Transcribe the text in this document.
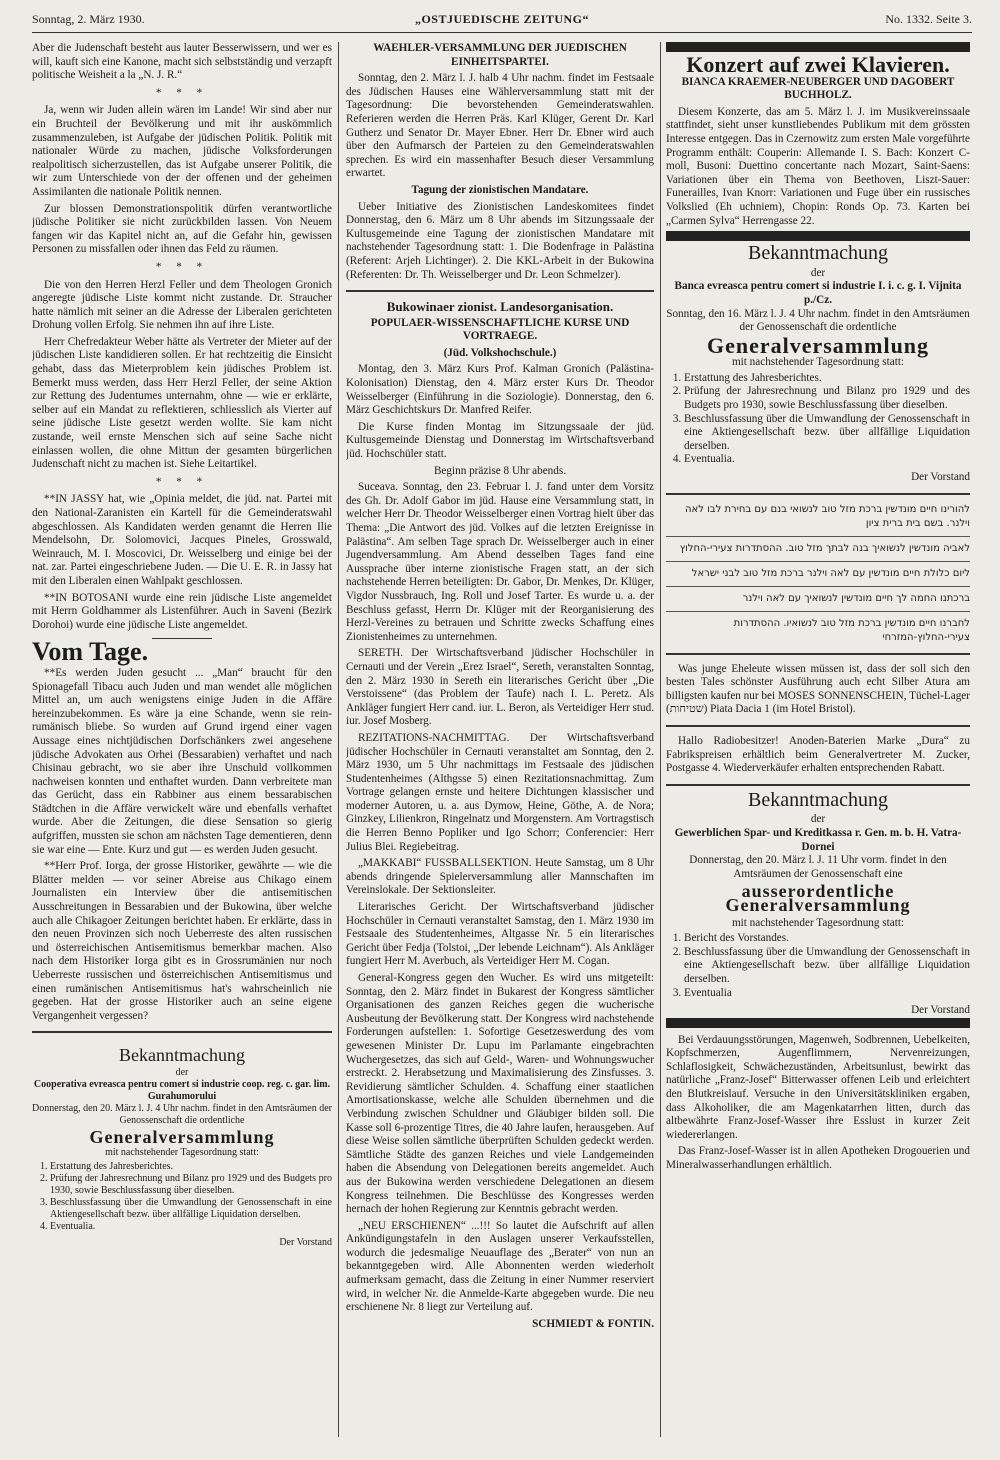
Sonntag, 2. März 1930.	„OSTJUEDISCHE ZEITUNG“	No. 1332. Seite 3.

Aber die Judenschaft besteht aus lauter Besserwissern, und wer es will, kauft sich eine Kanone, macht sich selbstständig und verzapft politische Weisheit a la „N. J. R.“

* * *

Ja, wenn wir Juden allein wären im Lande! Wir sind aber nur ein Bruchteil der Bevölkerung und mit ihr auskömmlich zusammenzuleben, ist Aufgabe der jüdischen Politik. Politik mit nationaler Würde zu machen, jüdische Volksforderungen realpolitisch sicherzustellen, das ist Aufgabe unserer Politik, die wir zum Unterschiede von der der offenen und der geheimen Assimilanten die nationale Politik nennen.

Zur blossen Demonstrationspolitik dürfen verantwortliche jüdische Politiker sie nicht zurückbilden lassen. Von Neuem fangen wir das Kapitel nicht an, auf die Gefahr hin, gewissen Personen zu missfallen oder ihnen das Feld zu räumen.

* * *

Die von den Herren Herzl Feller und dem Theologen Gronich angeregte jüdische Liste kommt nicht zustande. Dr. Straucher hatte nämlich mit seiner an die Adresse der Liberalen gerichteten Drohung vollen Erfolg. Sie nehmen ihn auf ihre Liste.

Herr Chefredakteur Weber hätte als Vertreter der Mieter auf der jüdischen Liste kandidieren sollen. Er hat rechtzeitig die Einsicht gehabt, dass das Mieterproblem kein jüdisches Problem ist. Bemerkt muss werden, dass Herr Herzl Feller, der seine Aktion zur Rettung des Judentumes unternahm, ohne — wie er erklärte, selber auf ein Mandat zu reflektieren, schliesslich als Vierter auf seine jüdische Liste gesetzt werden wollte. Sie kam nicht zustande, weil ernste Menschen sich auf seine Sache nicht einlassen wollen, die ohne Mittun der gesamten bürgerlichen Judenschaft nicht zu machen ist. Siehe Leitartikel.

* * *

**IN JASSY hat, wie „Opinia meldet, die jüd. nat. Partei mit den National-Zaranisten ein Kartell für die Gemeinderatswahl abgeschlossen. Als Kandidaten werden genannt die Herren Ilie Mendelsohn, Dr. Solomovici, Jacques Pineles, Grosswald, Weinrauch, M. I. Moscovici, Dr. Weisselberg und einige bei der nat. zar. Partei eingeschriebene Juden. — Die U. E. R. in Jassy hat mit den Liberalen einen Wahlpakt geschlossen.

**IN BOTOSANI wurde eine rein jüdische Liste angemeldet mit Herrn Goldhammer als Listenführer. Auch in Saveni (Bezirk Dorohoi) wurde eine jüdische Liste angemeldet.

Vom Tage.

**Es werden Juden gesucht ... „Man“ braucht für den Spionagefall Tibacu auch Juden und man wendet alle möglichen Mittel an, um auch wenigstens einige Juden in die Affäre hereinzubekommen. Es wäre ja eine Schande, wenn sie rein-rumänisch bliebe. So wurden auf Grund irgend einer vagen Aussage eines nichtjüdischen Dorfschänkers zwei angesehene jüdische Advokaten aus Orhei (Bessarabien) verhaftet und nach Chisinau gebracht, wo sie aber ihre Unschuld vollkommen nachweisen konnten und enthaftet wurden. Dann verbreitete man das Gerücht, dass ein Rabbiner aus einem bessarabischen Städtchen in die Affäre verwickelt wäre und ebenfalls verhaftet wurde. Aber die Zeitungen, die diese Sensation so gierig aufgriffen, mussten sie schon am nächsten Tage dementieren, denn sie war eine — Ente. Kurz und gut — es werden Juden gesucht.

**Herr Prof. Iorga, der grosse Historiker, gewährte — wie die Blätter melden — vor seiner Abreise aus Chikago einem Journalisten ein Interview über die antisemitischen Ausschreitungen in Bessarabien und der Bukowina, über welche auch alle Chikagoer Zeitungen berichtet haben. Er erklärte, dass in den neuen Provinzen sich noch Ueberreste des alten russischen und österreichischen Antisemitismus bemerkbar machen. Also nach dem Historiker Iorga gibt es in Grossrumänien nur noch Ueberreste russischen und österreichischen Antisemitismus und einen rumänischen Antisemitismus hat's wahrscheinlich nie gegeben. Hat der grosse Historiker auch an seine eigene Vergangenheit vergessen?

Bekanntmachung
der
Cooperativa evreasca pentru comert si industrie coop. reg. c. gar. lim. Gurahumorului
Donnerstag, den 20. März l. J. 4 Uhr nachm. findet in den Amtsräumen der Genossenschaft die ordentliche
Generalversammlung
mit nachstehender Tagesordnung statt:
1. Erstattung des Jahresberichtes.
2. Prüfung der Jahresrechnung und Bilanz pro 1929 und des Budgets pro 1930, sowie Beschlussfassung über dieselben.
3. Beschlussfassung über die Umwandlung der Genossenschaft in eine Aktiengesellschaft bezw. über allfällige Liquidation derselben.
4. Eventualia.
Der Vorstand

WAEHLER-VERSAMMLUNG DER JUEDISCHEN EINHEITSPARTEI.

Sonntag, den 2. März l. J. halb 4 Uhr nachm. findet im Festsaale des Jüdischen Hauses eine Wählerversammlung statt mit der Tagesordnung: Die bevorstehenden Gemeinderatswahlen. Referieren werden die Herren Präs. Karl Klüger, Gerent Dr. Karl Gutherz und Senator Dr. Mayer Ebner. Herr Dr. Ebner wird auch über den Aufmarsch der Parteien zu den Gemeinderatswahlen sprechen. Es wird ein massenhafter Besuch dieser Versammlung erwartet.

Tagung der zionistischen Mandatare.

Ueber Initiative des Zionistischen Landeskomitees findet Donnerstag, den 6. März um 8 Uhr abends im Sitzungssaale der Kultusgemeinde eine Tagung der zionistischen Mandatare mit nachstehender Tagesordnung statt: 1. Die Bodenfrage in Palästina (Referent: Arjeh Lichtinger). 2. Die KKL-Arbeit in der Bukowina (Referenten: Dr. Th. Weisselberger und Dr. Leon Schmelzer).

Bukowinaer zionist. Landesorganisation.

POPULAER-WISSENSCHAFTLICHE KURSE UND VORTRAEGE.

(Jüd. Volkshochschule.)

Montag, den 3. März Kurs Prof. Kalman Gronich (Palästina-Kolonisation) Dienstag, den 4. März erster Kurs Dr. Theodor Weisselberger (Einführung in die Soziologie). Donnerstag, den 6. März Geschichtskurs Dr. Manfred Reifer.

Die Kurse finden Montag im Sitzungssaale der jüd. Kultusgemeinde Dienstag und Donnerstag im Wirtschaftsverband jüd. Hochschüler statt.

Beginn präzise 8 Uhr abends.

Suceava. Sonntag, den 23. Februar l. J. fand unter dem Vorsitz des Gh. Dr. Adolf Gabor im jüd. Hause eine Versammlung statt, in welcher Herr Dr. Theodor Weisselberger einen Vortrag hielt über das Thema: „Die Antwort des jüd. Volkes auf die letzten Ereignisse in Palästina“. Am selben Tage sprach Dr. Weisselberger auch in einer Jugendversammlung. Am Abend desselben Tages fand eine Aussprache über interne zionistische Fragen statt, an der sich nachstehende Herren beteiligten: Dr. Gabor, Dr. Menkes, Dr. Klüger, Vigdor Nussbrauch, Ing. Roll und Josef Tarter. Es wurde u. a. der Beschluss gefasst, Herrn Dr. Klüger mit der Reorganisierung des Herzl-Vereines zu betrauen und Schritte zwecks Schaffung eines Zionistenheimes zu unternehmen.

SERETH. Der Wirtschaftsverband jüdischer Hochschüler in Cernauti und der Verein „Erez Israel“, Sereth, veranstalten Sonntag, den 2. März 1930 in Sereth ein literarisches Gericht über „Die Verstoissene“ (das Problem der Taufe) nach I. L. Peretz. Als Ankläger fungiert Herr cand. iur. L. Beron, als Verteidiger Herr stud. iur. Josef Mosberg.

REZITATIONS-NACHMITTAG. Der Wirtschaftsverband jüdischer Hochschüler in Cernauti veranstaltet am Sonntag, den 2. März 1930, um 5 Uhr nachmittags im Festsaale des jüdischen Studentenheimes (Althgsse 5) einen Rezitationsnachmittag. Zum Vortrage gelangen ernste und heitere Dichtungen klassischer und moderner Autoren, u. a. aus Dymow, Heine, Göthe, A. de Nora; Ginzkey, Lilienkron, Ringelnatz und Morgenstern. Am Vortragstisch die Herren Benno Popliker und Igo Schorr; Conferencier: Herr Julius Blei. Regiebeitrag.

„MAKKABI“ FUSSBALLSEKTION. Heute Samstag, um 8 Uhr abends dringende Spielerversammlung aller Mannschaften im Vereinslokale. Der Sektionsleiter.

Literarisches Gericht. Der Wirtschaftsverband jüdischer Hochschüler in Cernauti veranstaltet Samstag, den 1. März 1930 im Festsaale des Studentenheimes, Altgasse Nr. 5 ein literarisches Gericht über Fedja (Tolstoi, „Der lebende Leichnam“). Als Ankläger fungiert Herr M. Averbuch, als Verteidiger Herr M. Cogan.

General-Kongress gegen den Wucher. Es wird uns mitgeteilt: Sonntag, den 2. März findet in Bukarest der Kongress sämtlicher Organisationen des ganzen Reiches gegen die wucherische Ausbeutung der Bevölkerung statt. Der Kongress wird nachstehende Forderungen aufstellen: 1. Sofortige Gesetzeswerdung des vom gewesenen Minister Dr. Lupu im Parlamante eingebrachten Wuchergesetzes, das sich auf Geld-, Waren- und Wohnungswucher erstreckt. 2. Herabsetzung und Maximalisierung des Zinsfusses. 3. Revidierung sämtlicher Schulden. 4. Schaffung einer staatlichen Amortisationskasse, welche alle Schulden übernehmen und die Verbindung zwischen Schuldner und Gläubiger bilden soll. Die Kasse soll 6-prozentige Titres, die 40 Jahre laufen, herausgeben. Auf diese Weise sollen sämtliche überprüften Schulden gedeckt werden. Sämtliche Städte des ganzen Reiches und viele Landgemeinden haben die Absendung von Delegationen bereits angemeldet. Auch aus der Bukowina werden verschiedene Delegationen an diesem Kongress teilnehmen. Die Beschlüsse des Kongresses werden hernach der hohen Regierung zur Kenntnis gebracht werden.

„NEU ERSCHIENEN“ ...!!! So lautet die Aufschrift auf allen Ankündigungstafeln in den Auslagen unserer Verkaufsstellen, wodurch die jedesmalige Neuauflage des „Berater“ von nun an bekanntgegeben wird. Alle Abonnenten werden wiederholt aufmerksam gemacht, dass die Zeitung in einer Nummer reserviert wird, in welcher Nr. die Anmelde-Karte abgegeben wurde. Die neu erschienene Nr. 8 liegt zur Verteilung auf.

SCHMIEDT & FONTIN.

Konzert auf zwei Klavieren.

BIANCA KRAEMER-NEUBERGER UND DAGOBERT BUCHHOLZ.

Diesem Konzerte, das am 5. März l. J. im Musikvereinssaale stattfindet, sieht unser kunstliebendes Publikum mit dem grössten Interesse entgegen. Das in Czernowitz zum ersten Male vorgeführte Programm enthält: Couperin: Allemande I. S. Bach: Konzert C-moll, Busoni: Duettino concertante nach Mozart, Saint-Saens: Variationen über ein Thema von Beethoven, Liszt-Sauer: Funerailles, Ivan Knorr: Variationen und Fuge über ein russisches Volkslied (Eh uchniem), Chopin: Ronds Op. 73. Karten bei „Carmen Sylva“ Herrengasse 22.

Bekanntmachung
der
Banca evreasca pentru comert si industrie I. i. c. g. I. Vijnita p./Cz.
Sonntag, den 16. März l. J. 4 Uhr nachm. findet in den Amtsräumen der Genossenschaft die ordentliche
Generalversammlung
mit nachstehender Tagesordnung statt:
1. Erstattung des Jahresberichtes.
2. Prüfung der Jahresrechnung und Bilanz pro 1929 und des Budgets pro 1930, sowie Beschlussfassung über dieselben.
3. Beschlussfassung über die Umwandlung der Genossenschaft in eine Aktiengesellschaft bezw. über allfällige Liquidation derselben.
4. Eventualia.
Der Vorstand

להורינו חיים מונדשין ברכת מזל טוב לנשואי בנם עם בחירת לבו לאה וילנר. בשם בית ברית ציון

לאביה מונדשין לנשואיך בנה לבתך מזל טוב. ההסתדרות צעירי-החלוץ

ליום כלולת חיים מונדשין עם לאה וילנר ברכת מזל טוב לבני ישראל

ברכתנו החמה לך חיים מונדשין לנשואיך עם לאה וילנר

לחברנו חיים מונדשין ברכת מזל טוב לנשואיו. ההסתדרות צעירי-החלוץ-המזרחי

Was junge Eheleute wissen müssen ist, dass der soll sich den besten Tales schönster Ausführung auch echt Silber Atura am billigsten kaufen nur bei MOSES SONNENSCHEIN, Tüchel-Lager (שטיחות) Piata Dacia 1 (im Hotel Bristol).

Hallo Radiobesitzer! Anoden-Baterien Marke „Dura“ zu Fabrikspreisen erhältlich beim Generalvertreter M. Zucker, Postgasse 4. Wiederverkäufer erhalten entsprechenden Rabatt.

Bekanntmachung
der
Gewerblichen Spar- und Kreditkassa r. Gen. m. b. H. Vatra-Dornei
Donnerstag, den 20. März l. J. 11 Uhr vorm. findet in den Amtsräumen der Genossenschaft eine
ausserordentliche Generalversammlung
mit nachstehender Tagesordnung statt:
1. Bericht des Vorstandes.
2. Beschlussfassung über die Umwandlung der Genossenschaft in eine Aktiengesellschaft bezw. über allfällige Liquidation derselben.
3. Eventualia
Der Vorstand

Bei Verdauungsstörungen, Magenweh, Sodbrennen, Uebelkeiten, Kopfschmerzen, Augenflimmern, Nervenreizungen, Schlaflosigkeit, Schwächezuständen, Arbeitsunlust, bewirkt das natürliche „Franz-Josef“ Bitterwasser offenen Leib und erleichtert den Blutkreislauf. Versuche in den Universitätskliniken ergaben, dass Alkoholiker, die am Magenkatarrhen litten, durch das altbewährte Franz-Josef-Wasser ihre Esslust in kurzer Zeit wiedererlangen.

Das Franz-Josef-Wasser ist in allen Apotheken Drogouerien und Mineralwasserhandlungen erhältlich.
